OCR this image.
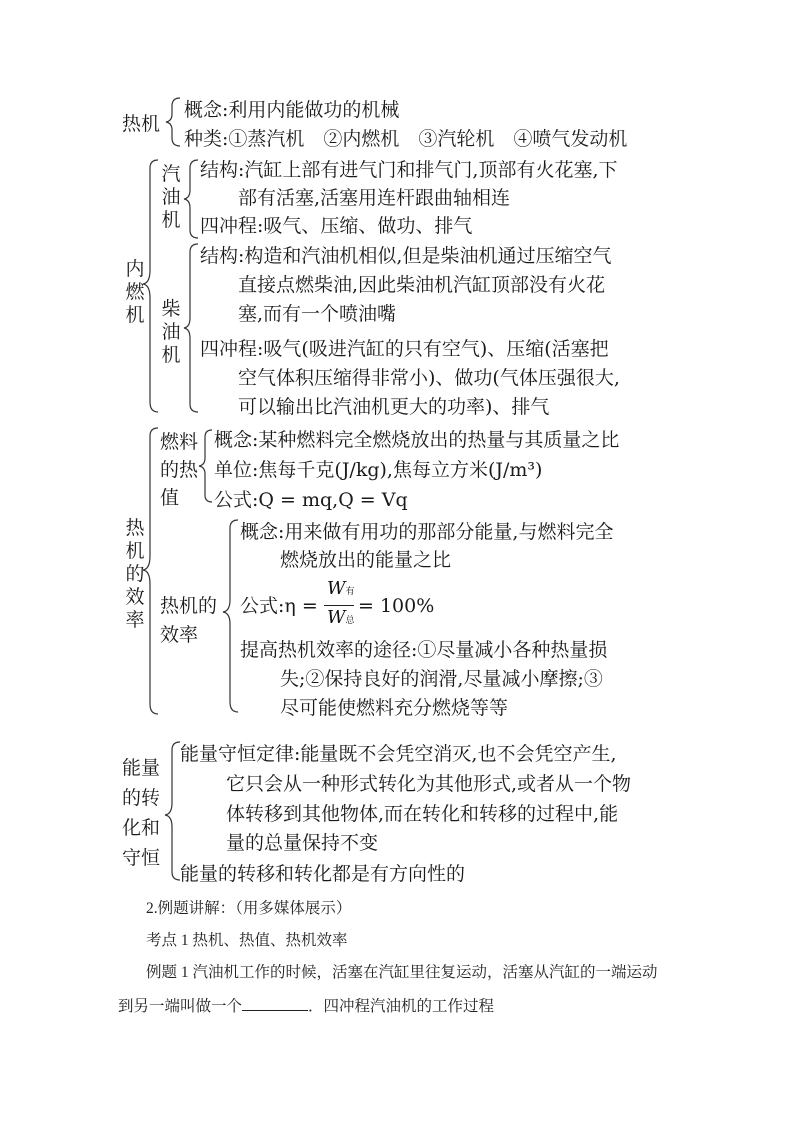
热机
概念:利用内能做功的机械
种类:①蒸汽机　②内燃机　③汽轮机　④喷气发动机
内
燃
机
汽
油
机
结构:汽缸上部有进气门和排气门,顶部有火花塞,下
部有活塞,活塞用连杆跟曲轴相连
四冲程:吸气、压缩、做功、排气
柴
油
机
结构:构造和汽油机相似,但是柴油机通过压缩空气
直接点燃柴油,因此柴油机汽缸顶部没有火花
塞,而有一个喷油嘴
四冲程:吸气(吸进汽缸的只有空气)、压缩(活塞把
空气体积压缩得非常小)、做功(气体压强很大,
可以输出比汽油机更大的功率)、排气
热
机
的
效
率
燃料
的热
值
概念:某种燃料完全燃烧放出的热量与其质量之比
单位:焦每千克(J/kg),焦每立方米(J/m³)
公式:Q = mq,Q = Vq
热机的
效率
概念:用来做有用功的那部分能量,与燃料完全
燃烧放出的能量之比
公式:η =
W有
W总
= 100%
提高热机效率的途径:①尽量减小各种热量损
失;②保持良好的润滑,尽量减小摩擦;③
尽可能使燃料充分燃烧等等
能量
的转
化和
守恒
能量守恒定律:能量既不会凭空消灭,也不会凭空产生,
它只会从一种形式转化为其他形式,或者从一个物
体转移到其他物体,而在转化和转移的过程中,能
量的总量保持不变
能量的转移和转化都是有方向性的
2.例题讲解：（用多媒体展示）
考点 1 热机、热值、热机效率
例题 1 汽油机工作的时候，活塞在汽缸里往复运动，活塞从汽缸的一端运动
到另一端叫做一个	．四冲程汽油机的工作过程
